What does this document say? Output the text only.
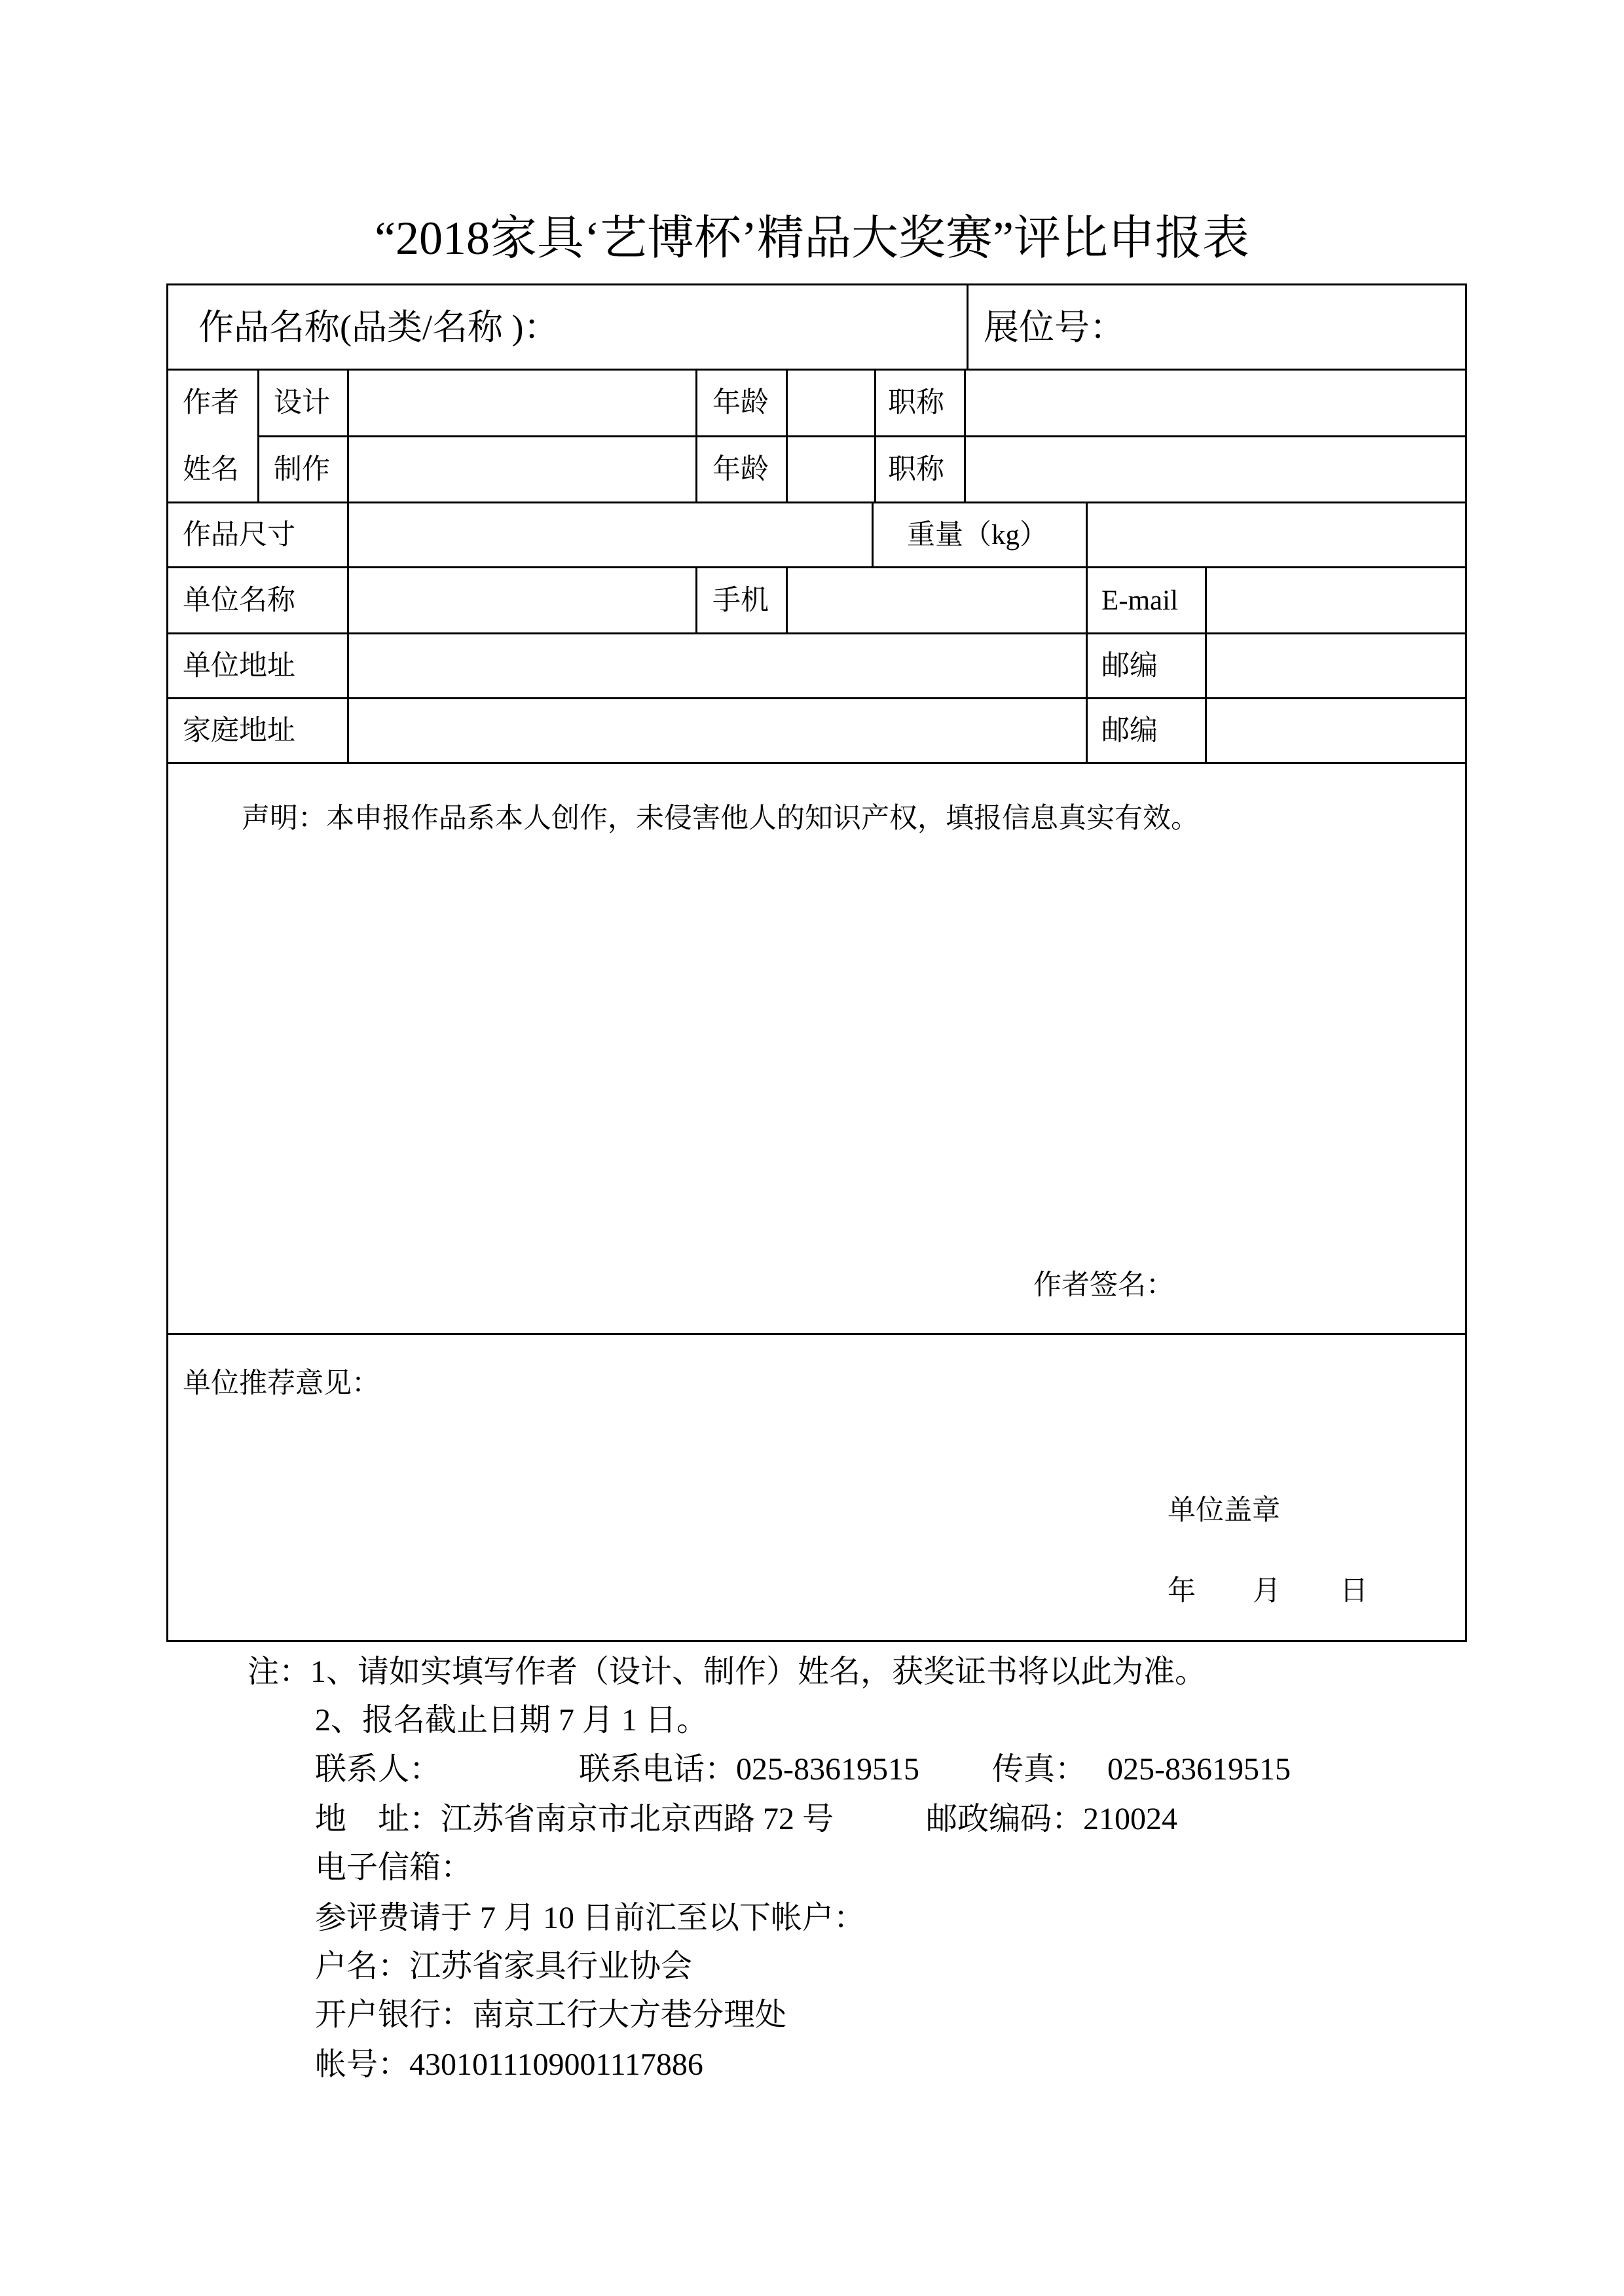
“2018家具‘艺博杯’精品大奖赛”评比申报表
作品名称(品类/名称 )：	展位号：
作者 设计	年龄	职称
姓名 制作	年龄	职称
作品尺寸	重量（kg）
单位名称	手机	E-mail
单位地址	邮编
家庭地址	邮编
声明：本申报作品系本人创作，未侵害他人的知识产权，填报信息真实有效。
作者签名：
单位推荐意见：
单位盖章
年 月 日
注：1、请如实填写作者（设计、制作）姓名，获奖证书将以此为准。
2、报名截止日期 7 月 1 日。
联系人：	联系电话：025-83619515 传真： 025-83619515
地    址：江苏省南京市北京西路 72 号	邮政编码：210024
电子信箱：
参评费请于 7 月 10 日前汇至以下帐户：
户名：江苏省家具行业协会
开户银行：南京工行大方巷分理处
帐号：4301011109001117886
